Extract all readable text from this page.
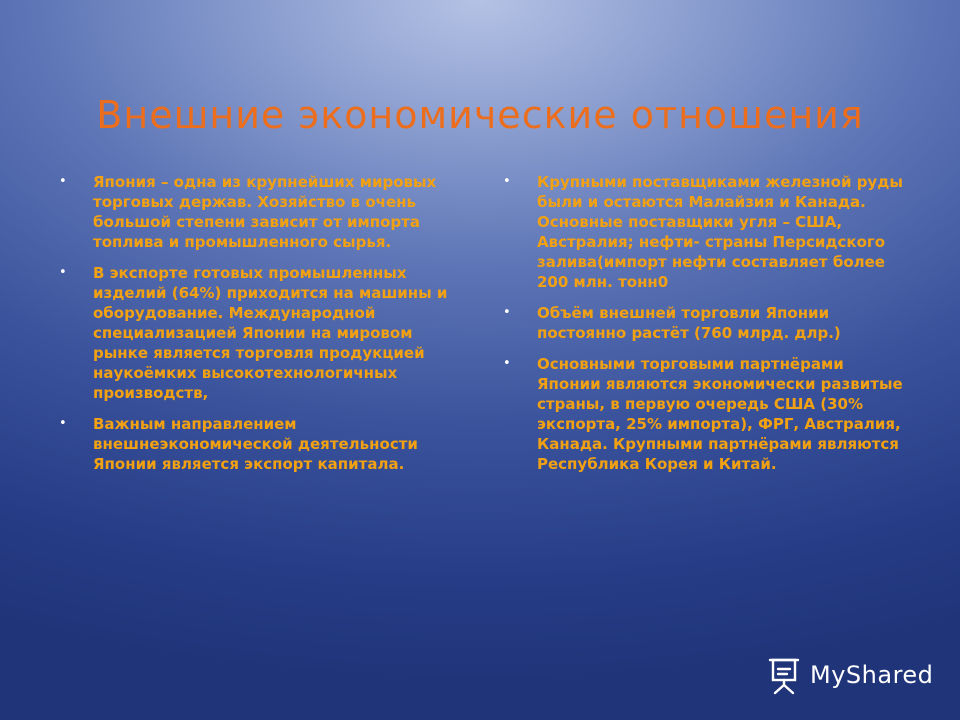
Внешние экономические отношения
• Япония – одна из крупнейших мировых торговых держав. Хозяйство в очень большой степени зависит от импорта топлива и промышленного сырья.
• В экспорте готовых промышленных изделий (64%) приходится на машины и оборудование. Международной специализацией Японии на мировом рынке является торговля продукцией наукоёмких высокотехнологичных производств,
• Важным направлением внешнеэкономической деятельности Японии является экспорт капитала.
• Крупными поставщиками железной руды были и остаются Малайзия и Канада. Основные поставщики угля – США, Австралия; нефти- страны Персидского залива(импорт нефти составляет более 200 млн. тонн0
• Объём внешней торговли Японии постоянно растёт (760 млрд. длр.)
• Основными торговыми партнёрами Японии являются экономически развитые страны, в первую очередь США (30% экспорта, 25% импорта), ФРГ, Австралия, Канада. Крупными партнёрами являются Республика Корея и Китай.
MyShared
